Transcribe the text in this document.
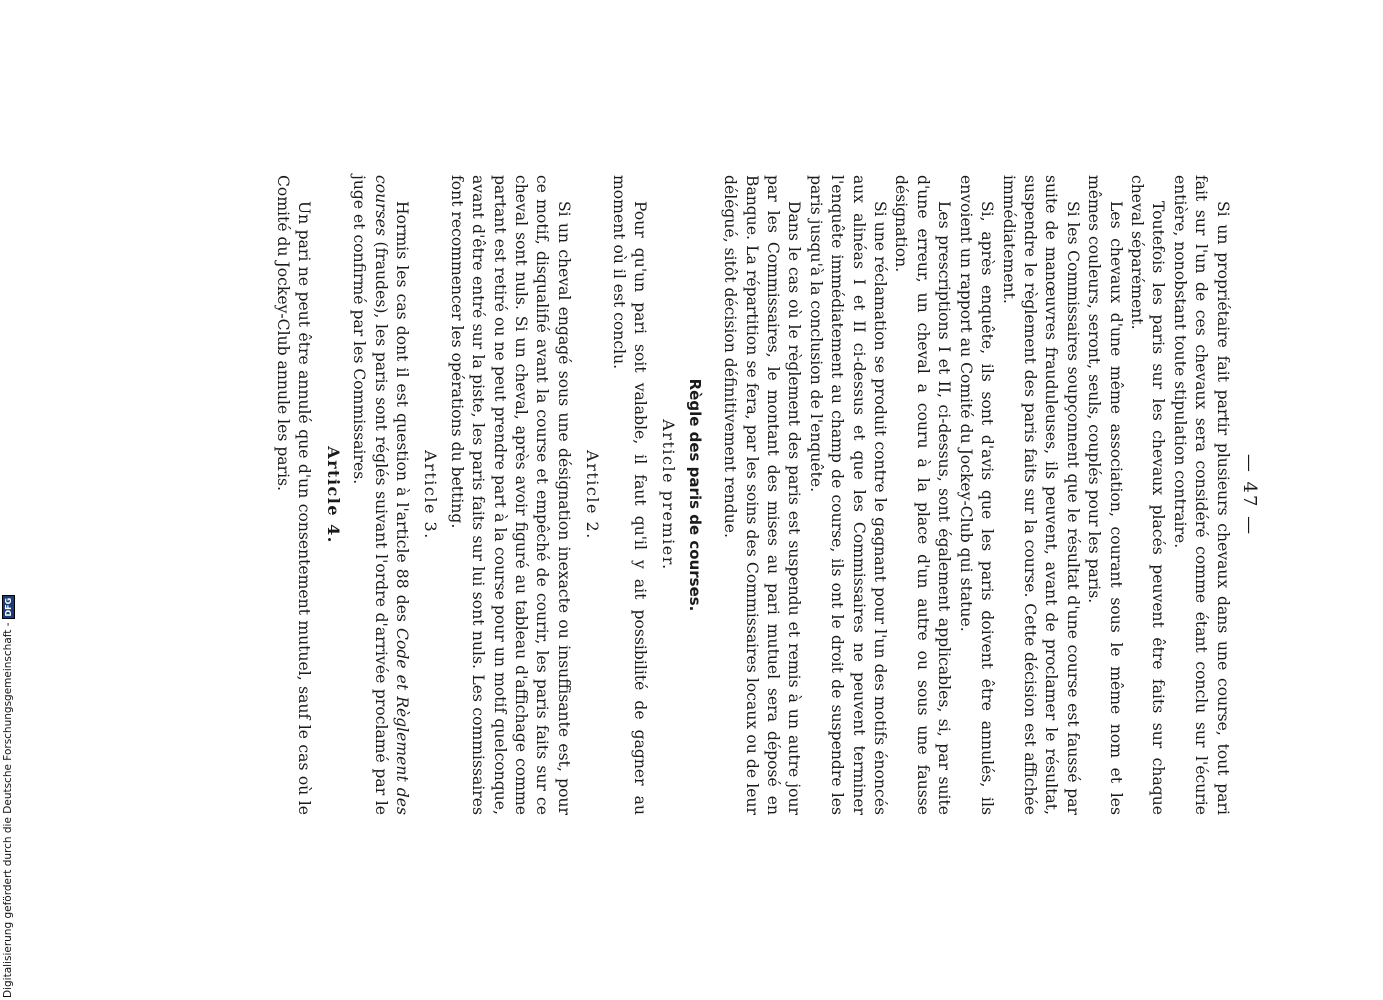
— 47 —

Si un propriétaire fait partir plusieurs chevaux dans une course, tout pari fait sur l'un de ces chevaux sera considéré comme étant conclu sur l'écurie entière, nonobstant toute stipulation contraire.

Toutefois les paris sur les chevaux placés peuvent être faits sur chaque cheval séparément.

Les chevaux d'une même association, courant sous le même nom et les mêmes couleurs, seront, seuls, couplés pour les paris.

Si les Commissaires soupçonnent que le résultat d'une course est faussé par suite de manœuvres frauduleuses, ils peuvent, avant de proclamer le résultat, suspendre le règlement des paris faits sur la course. Cette décision est affichée immédiatement.

Si, après enquête, ils sont d'avis que les paris doivent être annulés, ils envoient un rapport au Comité du Jockey-Club qui statue.

Les prescriptions I et II, ci-dessus, sont également applicables, si, par suite d'une erreur, un cheval a couru à la place d'un autre ou sous une fausse désignation.

Si une réclamation se produit contre le gagnant pour l'un des motifs énoncés aux alinéas I et II ci-dessus et que les Commissaires ne peuvent terminer l'enquête immédiatement au champ de course, ils ont le droit de suspendre les paris jusqu'à la conclusion de l'enquête.

Dans le cas où le règlement des paris est suspendu et remis à un autre jour par les Commissaires, le montant des mises au pari mutuel sera déposé en Banque. La répartition se fera, par les soins des Commissaires locaux ou de leur délégué, sitôt décision définitivement rendue.

Règle des paris de courses.
Article premier.

Pour qu'un pari soit valable, il faut qu'il y ait possibilité de gagner au moment où il est conclu.

Article 2.

Si un cheval engagé sous une désignation inexacte ou insuffisante est, pour ce motif, disqualifié avant la course et empêché de courir, les paris faits sur ce cheval sont nuls. Si un cheval, après avoir figuré au tableau d'affichage comme partant est retiré ou ne peut prendre part à la course pour un motif quelconque, avant d'être entré sur la piste, les paris faits sur lui sont nuls. Les commissaires font recommencer les opérations du betting.

Article 3.

Hormis les cas dont il est question à l'article 88 des Code et Règlement des courses (fraudes), les paris sont réglés suivant l'ordre d'arrivée proclamé par le juge et confirmé par les Commissaires.

Article 4.

Un pari ne peut être annulé que d'un consentement mutuel, sauf le cas où le Comité du Jockey-Club annule les paris.

Digitalisierung gefördert durch die Deutsche Forschungsgemeinschaft -DFG
